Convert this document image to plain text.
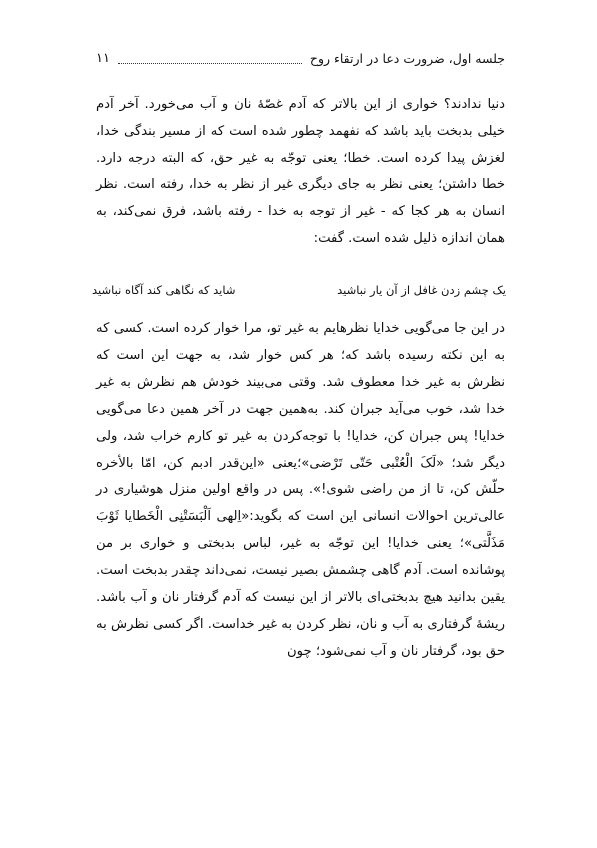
جلسه اول، ضرورت دعا در ارتقاء روح
۱۱

دنیا ندادند؟ خواری از این بالاتر که آدم غصّۀ نان و آب می‌خورد. آخر آدم خیلی بدبخت باید باشد که نفهمد چطور شده است که از مسیر بندگی خدا، لغزش پیدا کرده است. خطا؛ یعنی توجّه به غیر حق، که البته درجه دارد. خطا داشتن؛ یعنی نظر به جای دیگری غیر از نظر به خدا، رفته است. نظر انسان به هر کجا که - غیر از توجه به خدا - رفته باشد، فرق نمی‌کند، به همان اندازه ذلیل شده است. گفت:

یک چشم زدن غافل از آن یار نباشید
شاید که نگاهی کند آگاه نباشید

در این جا می‌گویی خدایا نظرهایم به غیر تو، مرا خوار کرده است. کسی که به این نکته رسیده باشد که؛ هر کس خوار شد، به جهت این است که نظرش به غیر خدا معطوف شد. وقتی می‌بیند خودش هم نظرش به غیر خدا شد، خوب می‌آید جبران کند. به‌همین جهت در آخر همین دعا می‌گویی خدایا! پس جبران کن، خدایا! با توجه‌کردن به غیر تو کارم خراب شد، ولی دیگر شد؛ «لَکَ الْعُتْبى حَتّى تَرْضى»؛یعنی «این‌قدر ادبم کن، امّا بالأخره حلّش کن، تا از من راضی شوی!». پس در واقع اولین منزل هوشیاری در عالی‌ترین احوالات انسانی این است که بگوید:«اِلهی اَلْبَسَتْنِی الْخَطایا ثَوْبَ مَذَلَّتی»؛ یعنی خدایا! این توجّه به غیر، لباس بدبختی و خواری بر من پوشانده است. آدم گاهی چشمش بصیر نیست، نمی‌داند چقدر بدبخت است. یقین بدانید هیچ بدبختی‌ای بالاتر از این نیست که آدم گرفتار نان و آب باشد. ریشۀ گرفتاری به آب و نان، نظر کردن به غیر خداست. اگر کسی نظرش به حق بود، گرفتار نان و آب نمی‌شود؛ چون
